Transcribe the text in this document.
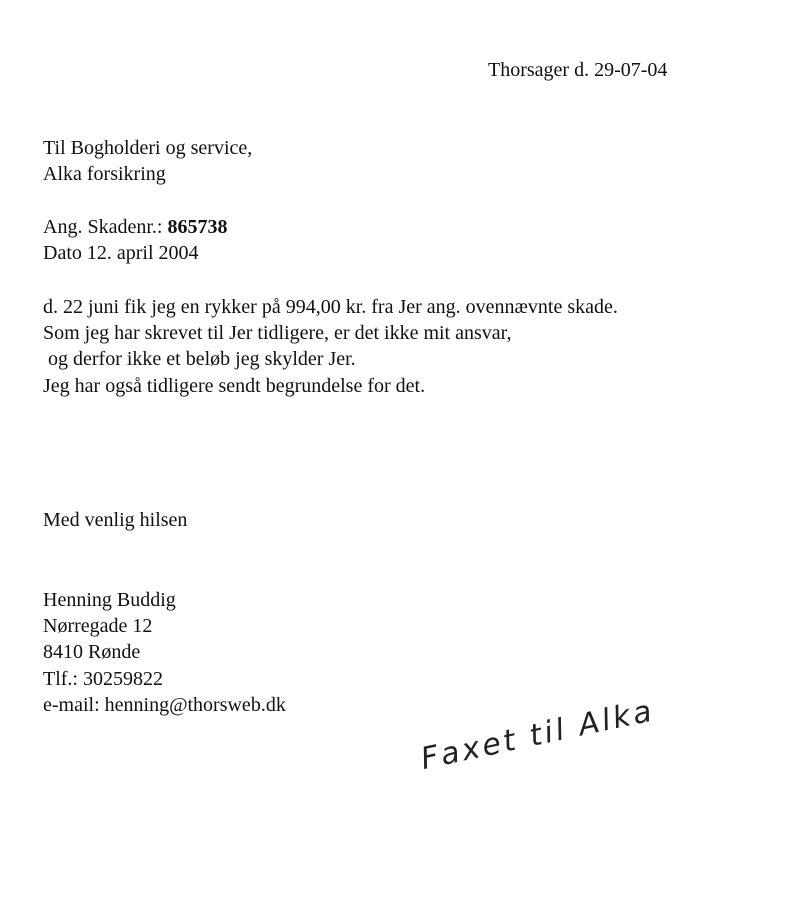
Thorsager d. 29-07-04
Til Bogholderi og service,
Alka forsikring
Ang. Skadenr.: 865738
Dato 12. april 2004
d. 22 juni fik jeg en rykker på 994,00 kr. fra Jer ang. ovennævnte skade.
Som jeg har skrevet til Jer tidligere, er det ikke mit ansvar,
og derfor ikke et beløb jeg skylder Jer.
Jeg har også tidligere sendt begrundelse for det.
Med venlig hilsen
Henning Buddig
Nørregade 12
8410 Rønde
Tlf.: 30259822
e-mail: henning@thorsweb.dk	Faxet til Alka
